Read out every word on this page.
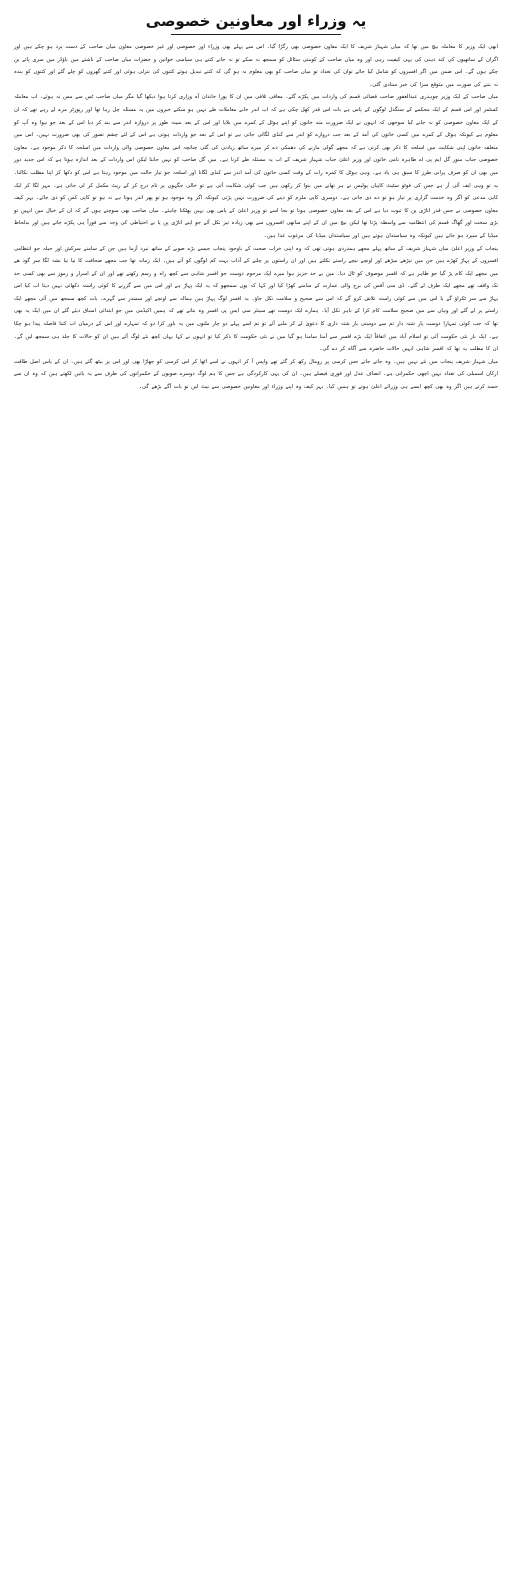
یہ وزراء اور معاونین خصوصی

ابھی ایک وزیر کا معاملہ بیچ میں تھا کہ میاں شہباز شریف کا ایک معاون خصوصی بھی رگڑا گیا۔ اس سے پہلے بھی وزراء اور خصوصی اور غیر خصوصی معاون میاں صاحب کے دست برد ہو چکے ہیں اور اگران کے ساتھیوں کی کند ذہنی کی یہی کیفیت رہی اور وہ میاں صاحب کے کومتی سٹائل کو سمجھ نہ سکے تو نہ جانے کتنے ہی سیاسی خواتین و حضرات میاں صاحب کے ناشتے میں باؤڈر میں سری پائے بن چکے ہوں گے۔ اس ضمن میں اگر افسروں کو شامل کیا جائے توان کی تعداد تو میاں صاحب کو بھی معلوم نہ ہو گی کہ کتنے تبدیل ہوئے کتنوں کی تنزلی ہوئی اور کتنے گھروں کو چلے گئے اور کتنوں کو بندہ نہ بننے کی صورت میں متوقع سزا کی خبر سنادی گئی۔

میاں صاحب کے ایک وزیر چوہدری عبدالغفور صاحب فضائی قسم کی واردات میں پکڑے گئے۔ معافی تلافی میں ان کا پورا خاندان آہ وزاری کرتا ہوا دیکھا گیا مگر میاں صاحب ٹس سے مس نہ ہوئے۔ اب معاملہ کسٹمز اور اس قسم کے ایک محکمے کے سنگدل لوگوں کے پاس ہے بات اس قدر کھل چکی ہے کہ اب اندر خانے معاملات طے نہیں ہو سکتے خبروں میں یہ مسئلہ چل رہا تھا اور رپورٹر مزے لے رہے تھے کہ ان کے ایک معاون خصوصی کو نہ جانے کیا سوجھی کہ انہوں نے ایک ضرورت مند خاتون کو اپنے ہوٹل کے کمرے میں بلایا اور اس کے بعد مبینہ طور پر دروازہ اندر سے بند کر دیا اس کے بعد جو ہوا وہ آپ کو معلوم ہے کیونکہ ہوٹل کے کمرے میں کسی خاتون کی آمد کے بعد جب دروازے کو اندر سے کنڈی لگائی جاتی ہے تو اس کے بعد جو واردات ہوتی ہے اس کے لئے چشم تصور کی بھی ضرورت نہیں۔ اس میں متعلقہ خاتون اپنی شکایت میں اسلحہ کا ذکر بھی کرتی ہے کہ مجھے گولی مارنے کی دھمکی دے کر میرے ساتھ زیادتی کی گئی چنانچہ اس معاون خصوصی والی واردات میں اسلحہ کا ذکر موجود ہے۔ معاون خصوصی جناب منور گل ایم پی اے طاہرہ نامی خاتون اور وزیر اعلیٰ جناب شہباز شریف کے اب یہ مسئلہ طے کرنا ہے۔ میں گل صاحب کو نہیں جانتا لیکن اس واردات کے بعد اندازہ ہوتا ہے کہ اس جدید دور میں بھی ان کو صرف پرانی طرز کا سبق ہی یاد ہے۔ وہی ہوٹل کا کمرہ رات کے وقت کسی خاتون کی آمد اندر سے کنڈی لگانا اور اسلحہ جو تیار حالت میں موجود رہتا ہے اس کو دکھا کر اپنا مطلب نکالنا۔ یہ تو وہی ایف آئی آر ہے جس کی فوٹو سٹیٹ کاپیاں پولیس نے ہر تھانے میں بنوا کر رکھی ہیں جب کوئی شکایت آتی ہے تو خالی جگہوں پر نام درج کر کے رپٹ مکمل کر لی جاتی ہے۔ مہر لگا کر ایک کاپی مدعی کو اگر وہ خدمت گزاری پر تیار ہو تو دے دی جاتی ہے۔ دوسری کاپی ملزم کو دینے کی ضرورت نہیں پڑتی کیونکہ اگر وہ موجود ہو تو پھر اندر ہوتا ہے نہ ہو تو کاپی کس کو دی جائے۔ بہر کیف معاون خصوصی نے جس قدر اناڑی پن کا ثبوت دیا ہے اس کے بعد معاون خصوصی ہونا تو بجا اسے تو وزیر اعلیٰ کے پاس بھی نہیں پھٹکنا چاہئے۔ میاں صاحب بھی سوچتے ہوں گے کہ ان کے خیال میں انہیں تو بڑی سخت اور گھاگ قسم کی انتظامیہ سے واسطہ پڑتا تھا لیکن بیچ میں ان کے اپنے ساتھی افسروں سے بھی زیادہ تیز نکل آئے جو اپنے اناڑی پن یا بے احتیاطی کی وجہ سے فوراً ہی پکڑے جاتے ہیں اور بدلحاظ میڈیا کے سپرد ہو جاتے ہیں کیونکہ وہ سیاستدان ہوتے ہیں اور سیاستدان میڈیا کی مرغوب غذا ہیں۔

پنجاب کے وزیر اعلیٰ میاں شہباز شریف کے ساتھ پہلے مجھے ہمدردی ہوتی تھی کہ وہ اپنی خراب صحت کے باوجود پنجاب جیسے بڑے صوبے کے ساتھ نبرد آزما ہیں جن کے سامنے سرکش اور حیلہ جو انتظامی افسروں کے پہاڑ کھڑے ہیں جن میں تیڑھے میڑھے اور اونچے نیچے راستے نکلتے ہیں اور ان راستوں پر چلنے کے آداب بہت کم لوگوں کو آتے ہیں۔ ایک زمانہ تھا جب مجھے صحافت کا نیا نیا نشہ لگا سر گود ھے میں مجھے ایک کام پڑ گیا جو ظاہر ہے کہ افسر موصوف کو ٹال دیا۔ میں بے حد جزبز ہوا میرے ایک مرحوم دوست جو افسر شاہی سے کچھ راہ و رسم رکھتے تھے اور ان کے اسرار و رموز سے بھی کسی حد تک واقف تھے مجھے ایک طرف لے گئے۔ ڈی سی آفس کی برج والی عمارت کے سامنے کھڑا کیا اور کہا کہ یوں سمجھو کہ یہ ایک پہاڑ ہے اور اس میں سے گزرنے کا کوئی راستہ دکھائی نہیں دیتا اب کیا اس پہاڑ سے سر ٹکراؤ گے یا اس میں سے کوئی راستہ تلاش کرو گے کہ اس سے صحیح و سلامت نکل جاؤ۔ یہ افسر لوگ پہاڑ ہیں ہمالہ سے اونچے اور سمندر سے گہرے۔ بات کچھ سمجھ میں آئی مجھے ایک راستے پر لے گئے اور وہاں سے میں صحیح سلامت کام کرا کے باہر نکل آیا۔ ہمارے ایک دوست تھے سینئر سی ایس پی افسر وہ بتاتے تھے کہ ہمیں اکیڈمی میں جو ابتدائی اسباق دیئے گئے ان میں ایک یہ بھی تھا کہ جب کوئی تمہارا دوست یار شتہ دار تم سے دوستی یار شتہ داری کا دعویٰ لے کر ملنے آئے تو تم اسے پہلے دو چار ملنوں میں یہ باور کرا دو کہ تمہارے اور اس کے درمیان اب کتنا فاصلہ پیدا ہو چکا ہے۔ ایک بار نئی حکومت آئی تو اسلام آباد میں اتفاقاً ایک بڑے افسر سے آمنا سامنا ہو گیا میں نے نئی حکومت کا ذکر کیا تو انہوں نے کہا یہاں کچھ نئے لوگ آئے ہیں ان کو حالات کا جلد ہی سمجھ لیں گے۔ ان کا مطلب یہ تھا کہ افسر شاہی انہیں حالات حاضرہ سے آگاہ کر دے گی۔

میاں شہباز شریف پنجاب میں نئے نہیں ہیں۔ وہ جاتے جاتے جس کرسی پر رومال رکھ کر گئے تھے واپس آ کر انہوں نے اسے اٹھا کر اس کرسی کو جھاڑا بھی اور اس پر بیٹھ گئے ہیں۔ ان کے پاس اصل طاقت ارکان اسمبلی کی تعداد نہیں اچھی حکمرانی ہے۔ انصاف عدل اور فوری فیصلے ہیں۔ ان کی یہی کارکردگی ہے جس کا ہم لوگ دوسرے صوبوں کے حکمرانوں کی طرف سے یہ باتیں لکھتے ہیں کہ وہ ان سے حسد کرتے ہیں اگر وہ بھی کچھ ایسے ہی وزرائے اعلیٰ ہوتے تو ہمیں کیا۔ بہر کیف وہ اپنے وزراء اور معاونین خصوصی سے نپٹ لیں تو بات آگے بڑھے گی۔
